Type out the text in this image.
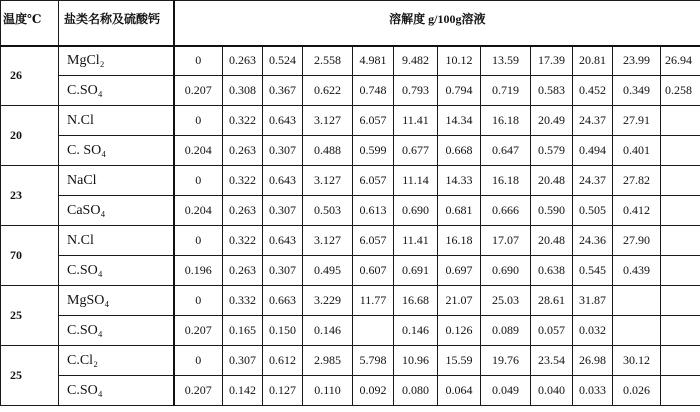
温度℃	盐类名称及硫酸钙	溶解度 g/100g溶液											
26	MgCl₂	0	0.263	0.524	2.558	4.981	9.482	10.12	13.59	17.39	20.81	23.99	26.94
	C.SO₄	0.207	0.308	0.367	0.622	0.748	0.793	0.794	0.719	0.583	0.452	0.349	0.258
20	N.Cl	0	0.322	0.643	3.127	6.057	11.41	14.34	16.18	20.49	24.37	27.91	
	C. SO₄	0.204	0.263	0.307	0.488	0.599	0.677	0.668	0.647	0.579	0.494	0.401	
23	NaCl	0	0.322	0.643	3.127	6.057	11.14	14.33	16.18	20.48	24.37	27.82	
	CaSO₄	0.204	0.263	0.307	0.503	0.613	0.690	0.681	0.666	0.590	0.505	0.412	
70	N.Cl	0	0.322	0.643	3.127	6.057	11.41	16.18	17.07	20.48	24.36	27.90	
	C.SO₄	0.196	0.263	0.307	0.495	0.607	0.691	0.697	0.690	0.638	0.545	0.439	
25	MgSO₄	0	0.332	0.663	3.229	11.77	16.68	21.07	25.03	28.61	31.87		
	C.SO₄	0.207	0.165	0.150	0.146		0.146	0.126	0.089	0.057	0.032		
25	C.Cl₂	0	0.307	0.612	2.985	5.798	10.96	15.59	19.76	23.54	26.98	30.12	
	C.SO₄	0.207	0.142	0.127	0.110	0.092	0.080	0.064	0.049	0.040	0.033	0.026	
